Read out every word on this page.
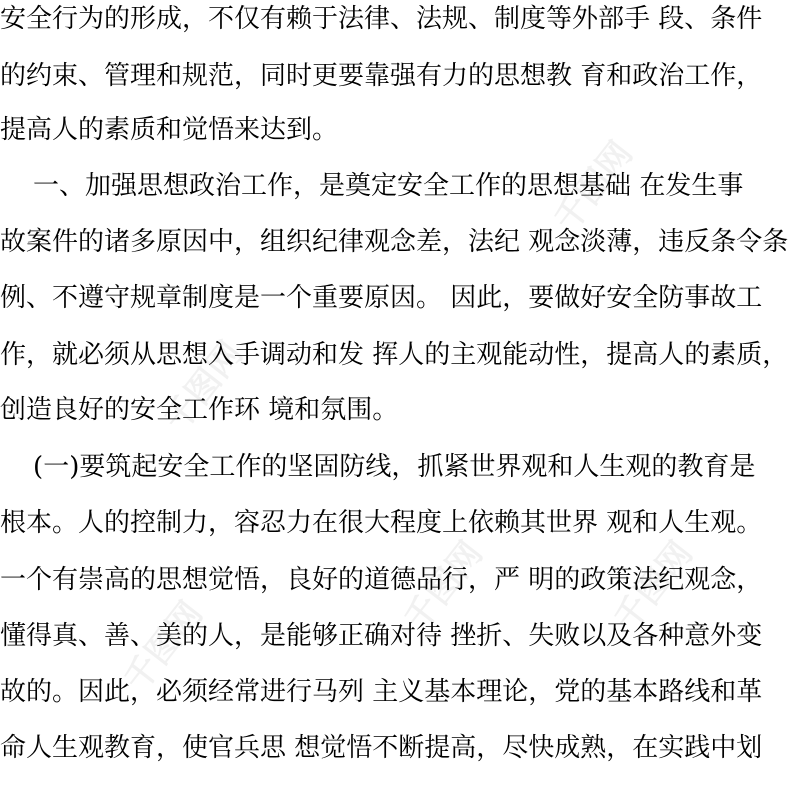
安全行为的形成，不仅有赖于法律、法规、制度等外部手 段、条件
的约束、管理和规范，同时更要靠强有力的思想教 育和政治工作，
提高人的素质和觉悟来达到。
一、加强思想政治工作，是奠定安全工作的思想基础 在发生事
故案件的诸多原因中，组织纪律观念差，法纪 观念淡薄，违反条令条
例、不遵守规章制度是一个重要原因。 因此，要做好安全防事故工
作，就必须从思想入手调动和发 挥人的主观能动性，提高人的素质，
创造良好的安全工作环 境和氛围。
(一)要筑起安全工作的坚固防线，抓紧世界观和人生观的教育是
根本。人的控制力，容忍力在很大程度上依赖其世界 观和人生观。
一个有崇高的思想觉悟，良好的道德品行，严 明的政策法纪观念，
懂得真、善、美的人，是能够正确对待 挫折、失败以及各种意外变
故的。因此，必须经常进行马列 主义基本理论，党的基本路线和革
命人生观教育，使官兵思 想觉悟不断提高，尽快成熟，在实践中划
千图网
千图网
千图网	千图网
千图网
